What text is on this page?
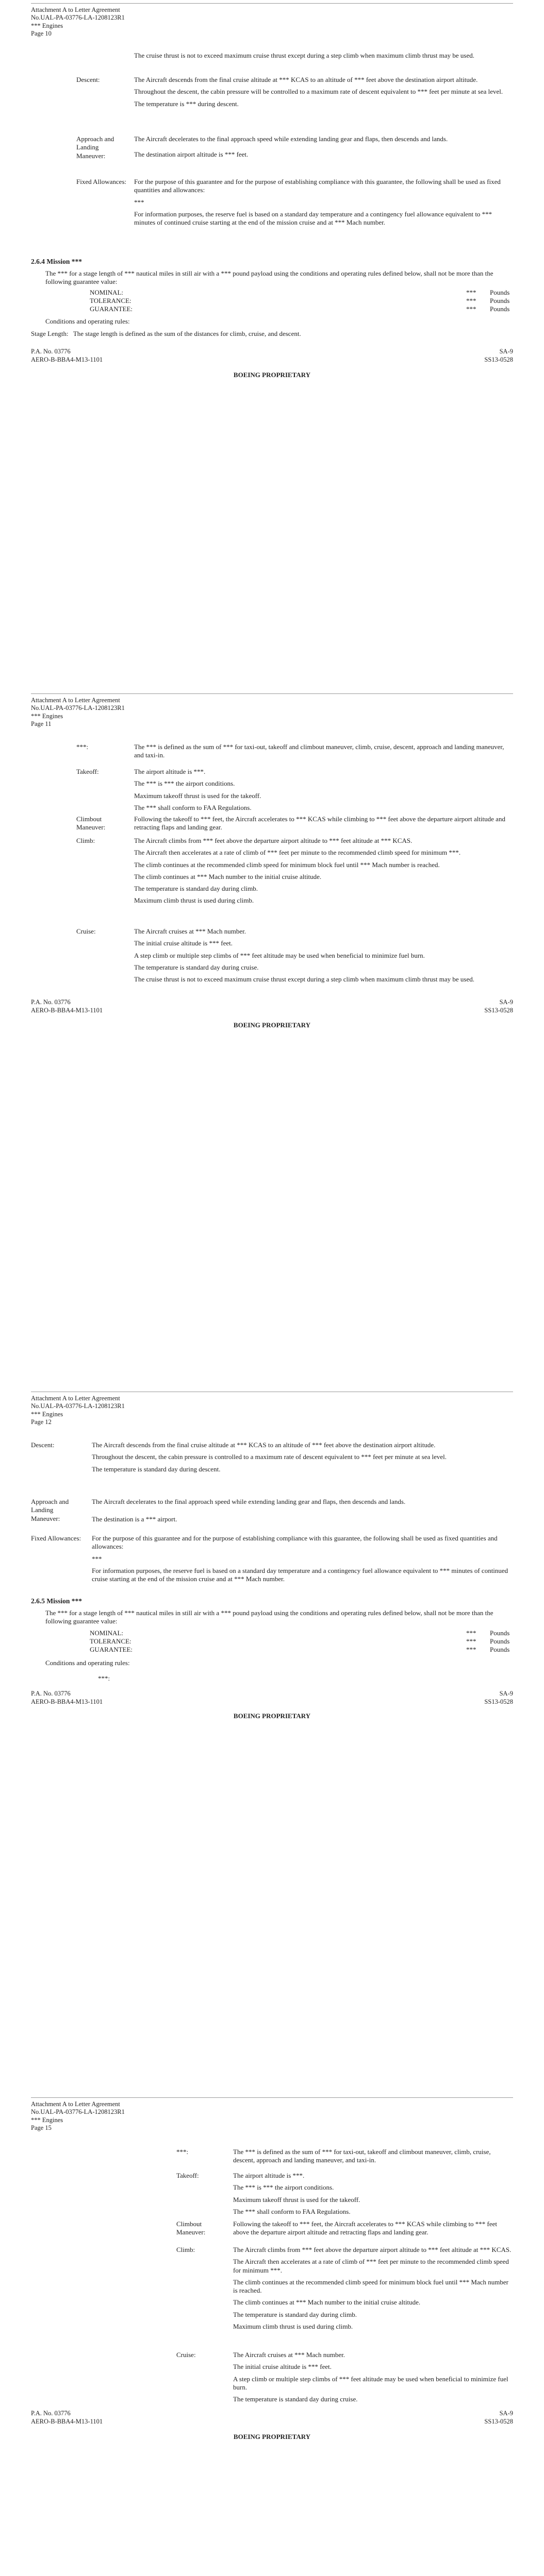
Attachment A to Letter Agreement
No.UAL-PA-03776-LA-1208123R1
*** Engines
Page 10

The cruise thrust is not to exceed maximum cruise thrust except during a step climb when maximum climb thrust may be used.

Descent:	The Aircraft descends from the final cruise altitude at *** KCAS to an altitude of *** feet above the destination airport altitude.

Throughout the descent, the cabin pressure will be controlled to a maximum rate of descent equivalent to *** feet per minute at sea level.

The temperature is *** during descent.

Approach and Landing Maneuver:

The Aircraft decelerates to the final approach speed while extending landing gear and flaps, then descends and lands.

The destination airport altitude is *** feet.

Fixed Allowances: For the purpose of this guarantee and for the purpose of establishing compliance with this guarantee, the following shall be used as fixed quantities and allowances:

***

For information purposes, the reserve fuel is based on a standard day temperature and a contingency fuel allowance equivalent to *** minutes of continued cruise starting at the end of the mission cruise and at *** Mach number.

2.6.4 Mission ***

The *** for a stage length of *** nautical miles in still air with a *** pound payload using the conditions and operating rules defined below, shall not be more than the following guarantee value:

NOMINAL:	*** Pounds
TOLERANCE:	*** Pounds
GUARANTEE:	*** Pounds

Conditions and operating rules:

Stage Length: The stage length is defined as the sum of the distances for climb, cruise, and descent.
P.A. No. 03776
AERO-B-BBA4-M13-1101
SA-9
SS13-0528
BOEING PROPRIETARY
Attachment A to Letter Agreement
No.UAL-PA-03776-LA-1208123R1
*** Engines
Page 11
***:	The *** is defined as the sum of *** for taxi-out, takeoff and climbout maneuver, climb, cruise, descent, approach and landing maneuver, and taxi-in.

Takeoff:	The airport altitude is ***.

The *** is *** the airport conditions.

Maximum takeoff thrust is used for the takeoff.

The *** shall conform to FAA Regulations.

Climbout Maneuver:

Following the takeoff to *** feet, the Aircraft accelerates to *** KCAS while climbing to *** feet above the departure airport altitude and retracting flaps and landing gear.

Climb:	The Aircraft climbs from *** feet above the departure airport altitude to *** feet altitude at *** KCAS.

The Aircraft then accelerates at a rate of climb of *** feet per minute to the recommended climb speed for minimum ***.

The climb continues at the recommended climb speed for minimum block fuel until *** Mach number is reached.

The climb continues at *** Mach number to the initial cruise altitude.

The temperature is standard day during climb.

Maximum climb thrust is used during climb.

Cruise:	The Aircraft cruises at *** Mach number.

The initial cruise altitude is *** feet.

A step climb or multiple step climbs of *** feet altitude may be used when beneficial to minimize fuel burn.

The temperature is standard day during cruise.

The cruise thrust is not to exceed maximum cruise thrust except during a step climb when maximum climb thrust may be used.

P.A. No. 03776
AERO-B-BBA4-M13-1101
SA-9
SS13-0528
BOEING PROPRIETARY
Attachment A to Letter Agreement
No.UAL-PA-03776-LA-1208123R1
*** Engines
Page 12
Descent:	The Aircraft descends from the final cruise altitude at *** KCAS to an altitude of *** feet above the destination airport altitude.

Throughout the descent, the cabin pressure is controlled to a maximum rate of descent equivalent to *** feet per minute at sea level.

The temperature is standard day during descent.

Approach and Landing Maneuver:

The Aircraft decelerates to the final approach speed while extending landing gear and flaps, then descends and lands.

The destination is a *** airport.

Fixed Allowances: For the purpose of this guarantee and for the purpose of establishing compliance with this guarantee, the following shall be used as fixed quantities and allowances:

***

For information purposes, the reserve fuel is based on a standard day temperature and a contingency fuel allowance equivalent to *** minutes of continued cruise starting at the end of the mission cruise and at *** Mach number.

2.6.5 Mission ***

The *** for a stage length of *** nautical miles in still air with a *** pound payload using the conditions and operating rules defined below, shall not be more than the following guarantee value:

NOMINAL:	*** Pounds
TOLERANCE:	*** Pounds
GUARANTEE:	*** Pounds

Conditions and operating rules:

***:

P.A. No. 03776
AERO-B-BBA4-M13-1101
SA-9
SS13-0528
BOEING PROPRIETARY
Attachment A to Letter Agreement
No.UAL-PA-03776-LA-1208123R1
*** Engines
Page 15
***:	The *** is defined as the sum of *** for taxi-out, takeoff and climbout maneuver, climb, cruise, descent, approach and landing maneuver, and taxi-in.

Takeoff:	The airport altitude is ***.

The *** is *** the airport conditions.

Maximum takeoff thrust is used for the takeoff.

The *** shall conform to FAA Regulations.

Climbout Maneuver:

Following the takeoff to *** feet, the Aircraft accelerates to *** KCAS while climbing to *** feet above the departure airport altitude and retracting flaps and landing gear.

Climb:	The Aircraft climbs from *** feet above the departure airport altitude to *** feet altitude at *** KCAS.

The Aircraft then accelerates at a rate of climb of *** feet per minute to the recommended climb speed for minimum ***.

The climb continues at the recommended climb speed for minimum block fuel until *** Mach number is reached.

The climb continues at *** Mach number to the initial cruise altitude.

The temperature is standard day during climb.

Maximum climb thrust is used during climb.

Cruise:	The Aircraft cruises at *** Mach number.

The initial cruise altitude is *** feet.

A step climb or multiple step climbs of *** feet altitude may be used when beneficial to minimize fuel burn.

The temperature is standard day during cruise.

P.A. No. 03776
AERO-B-BBA4-M13-1101
SA-9
SS13-0528
BOEING PROPRIETARY
